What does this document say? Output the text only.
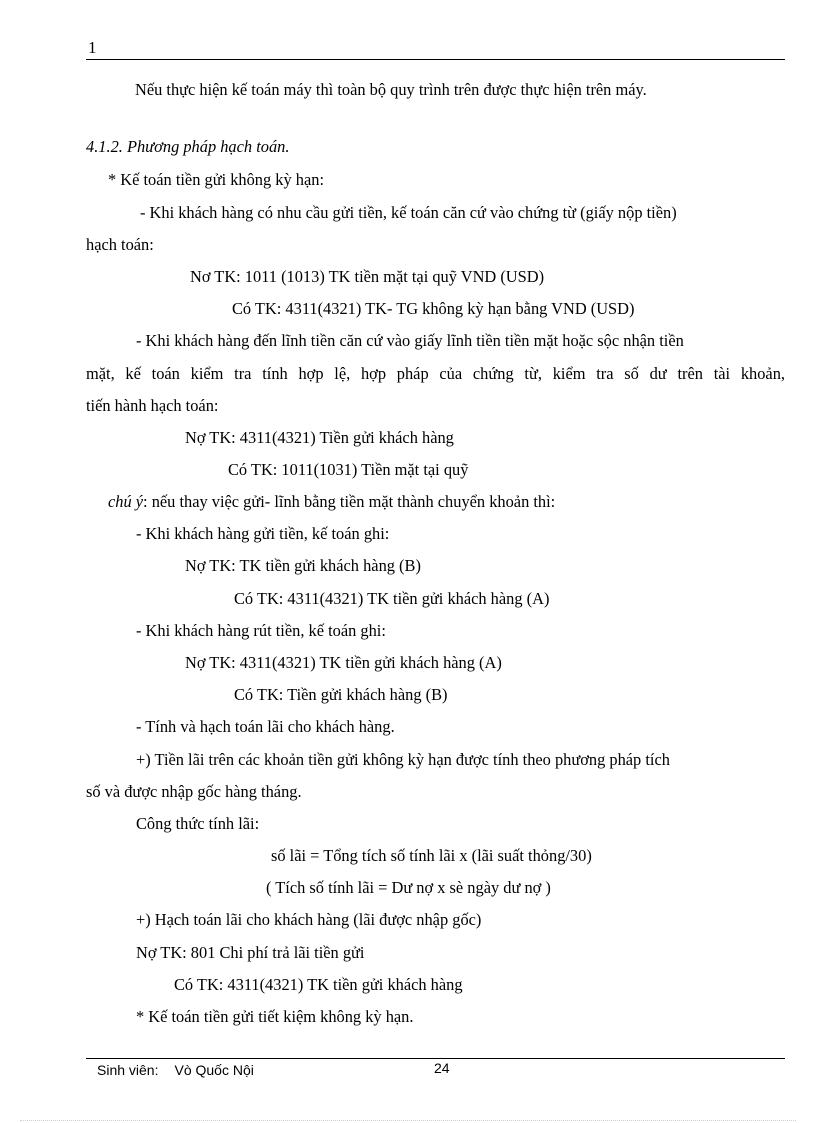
1
Nếu thực hiện kế toán máy thì toàn bộ quy trình trên được thực hiện trên máy.
4.1.2. Phương pháp hạch toán.
* Kế toán tiền gửi không kỳ hạn:
- Khi khách hàng có nhu cầu gửi tiền, kế toán căn cứ vào chứng từ (giấy nộp tiền)
hạch toán:
Nơ TK: 1011 (1013) TK tiền mặt tại quỹ VND (USD)
Có TK: 4311(4321) TK- TG không kỳ hạn bằng VND (USD)
- Khi khách hàng đến lĩnh tiền căn cứ vào giấy lĩnh tiền tiền mặt hoặc sộc nhận tiền
mặt, kế toán kiểm tra tính hợp lệ, hợp pháp của chứng từ, kiểm tra số dư trên tài khoản,
tiến hành hạch toán:
Nợ TK: 4311(4321) Tiền gửi khách hàng
Có TK: 1011(1031) Tiền mặt tại quỹ
chú ý: nếu thay việc gửi- lĩnh bằng tiền mặt thành chuyển khoản thì:
- Khi khách hàng gửi tiền, kế toán ghi:
Nợ TK: TK tiền gửi khách hàng (B)
Có TK: 4311(4321) TK tiền gửi khách hàng (A)
- Khi khách hàng rút tiền, kế toán ghi:
Nợ TK: 4311(4321) TK tiền gửi khách hàng (A)
Có TK: Tiền gửi khách hàng (B)
- Tính và hạch toán lãi cho khách hàng.
+) Tiền lãi trên các khoản tiền gửi không kỳ hạn được tính theo phương pháp tích
số và được nhập gốc hàng tháng.
Công thức tính lãi:
số lãi = Tổng tích số tính lãi x (lãi suất thỏng/30)
( Tích số tính lãi = Dư nợ x sè ngày dư nợ )
+) Hạch toán lãi cho khách hàng (lãi được nhập gốc)
Nợ TK: 801 Chi phí trả lãi tiền gửi
Có TK: 4311(4321) TK tiền gửi khách hàng
* Kế toán tiền gửi tiết kiệm không kỳ hạn.
Sinh viên: Vò Quốc Nội	24
